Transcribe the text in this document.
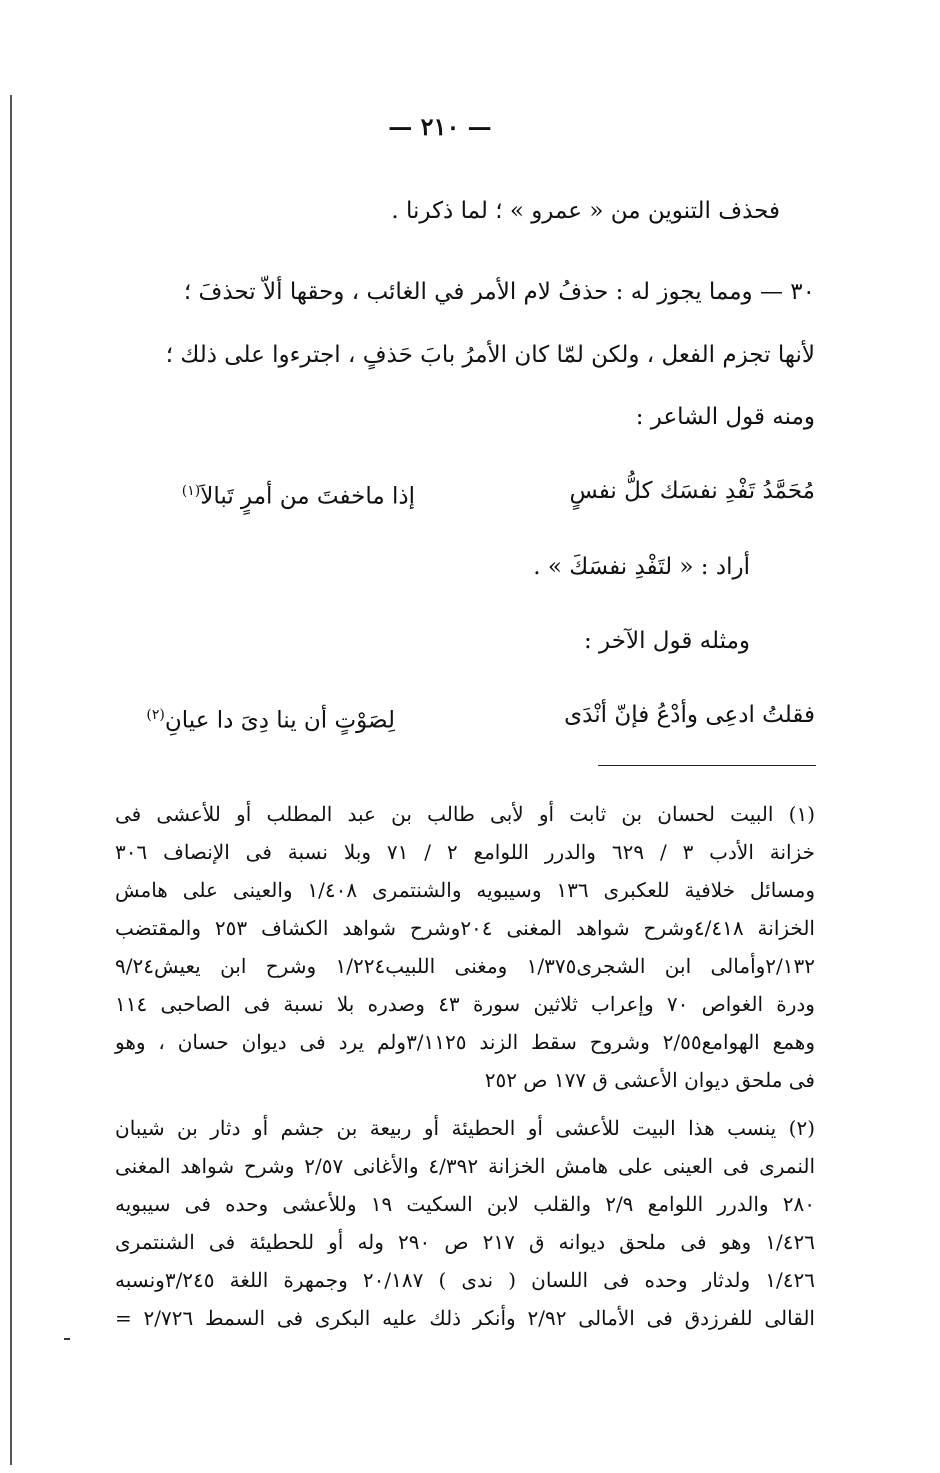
— ٢١٠ —
فحذف التنوين من « عمرو » ؛ لما ذكرنا .
٣٠ — ومما يجوز له : حذفُ لام الأمر في الغائب ، وحقها ألاّ تحذفَ ؛
لأنها تجزم الفعل ، ولكن لمّا كان الأمرُ بابَ حَذفٍ ، اجترءوا على ذلك ؛
ومنه قول الشاعر :
مُحَمَّدُ تَفْدِ نفسَك كلُّ نفسٍ
إذا ماخفتَ من أمرٍ تَبالاَ$^{(١)}$
أراد : « لتَفْدِ نفسَكَ » .
ومثله قول الآخر :
فقلتُ ادعِى وأدْعُ فإنّ أنْدَى
لِصَوْتٍ أن ينا دِىَ دا عيانِ$^{(٢)}$
(١) البيت لحسان بن ثابت أو لأبى طالب بن عبد المطلب أو للأعشى فى
خزانة الأدب ٣ / ٦٢٩ والدرر اللوامع ٢ / ٧١ وبلا نسبة فى الإنصاف ٣٠٦
ومسائل خلافية للعكبرى ١٣٦ وسيبويه والشنتمرى ١/٤٠٨ والعينى على هامش
الخزانة ٤/٤١٨وشرح شواهد المغنى ٢٠٤وشرح شواهد الكشاف ٢٥٣ والمقتضب
٢/١٣٢وأمالى ابن الشجرى١/٣٧٥ ومغنى اللبيب١/٢٢٤ وشرح ابن يعيش٩/٢٤
ودرة الغواص ٧٠ وإعراب ثلاثين سورة ٤٣ وصدره بلا نسبة فى الصاحبى ١١٤
وهمع الهوامع٢/٥٥ وشروح سقط الزند ٣/١١٢٥ولم يرد فى ديوان حسان ، وهو
فى ملحق ديوان الأعشى ق ١٧٧ ص ٢٥٢
(٢) ينسب هذا البيت للأعشى أو الحطيئة أو ربيعة بن جشم أو دثار بن شيبان
النمرى فى العينى على هامش الخزانة ٤/٣٩٢ والأغانى ٢/٥٧ وشرح شواهد المغنى
٢٨٠ والدرر اللوامع ٢/٩ والقلب لابن السكيت ١٩ وللأعشى وحده فى سيبويه
١/٤٢٦ وهو فى ملحق ديوانه ق ٢١٧ ص ٢٩٠ وله أو للحطيئة فى الشنتمرى
١/٤٢٦ ولدثار وحده فى اللسان ( ندى ) ٢٠/١٨٧ وجمهرة اللغة ٣/٢٤٥ونسبه
القالى للفرزدق فى الأمالى ٢/٩٢ وأنكر ذلك عليه البكرى فى السمط ٢/٧٢٦ =
